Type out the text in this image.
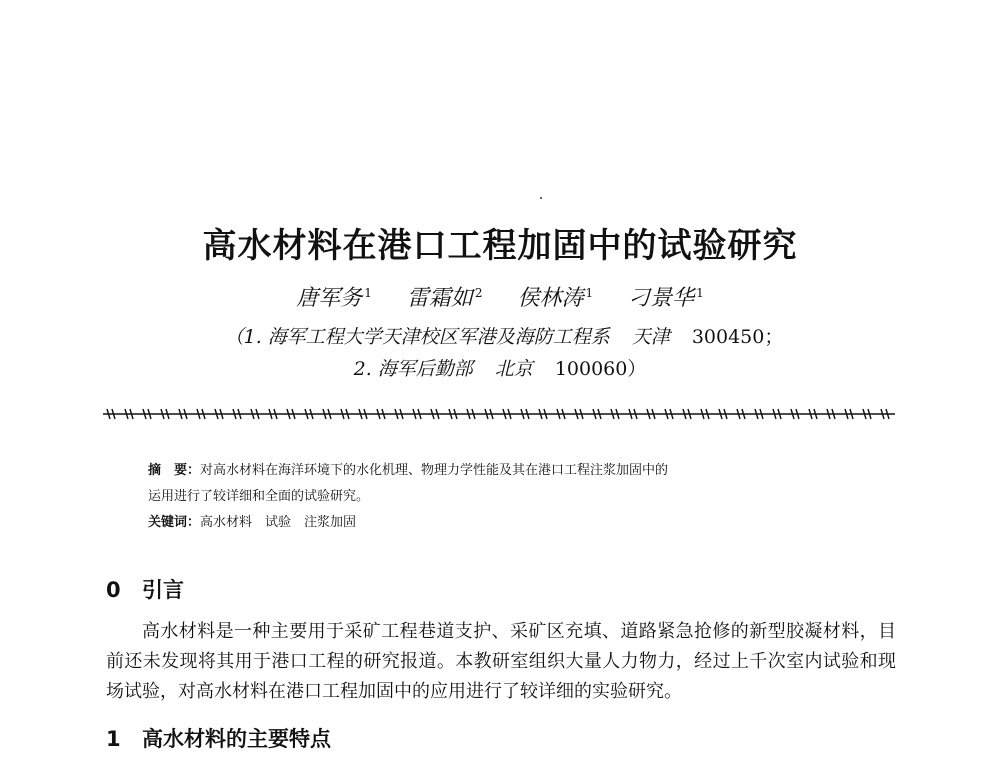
高水材料在港口工程加固中的试验研究
唐军务 $^1$ 雷霜如 $^2$ 侯林涛 $^1$ 刁景华 $^1$
（1. 海军工程大学天津校区军港及海防工程系 天津 300450；
2. 海军后勤部 北京 100060）
摘　要：对高水材料在海洋环境下的水化机理、物理力学性能及其在港口工程注浆加固中的
运用进行了较详细和全面的试验研究。
关键词：高水材料　试验　注浆加固
0 引言
高水材料是一种主要用于采矿工程巷道支护、采矿区充填、道路紧急抢修的新型胶凝材料，目前还未发现将其用于港口工程的研究报道。本教研室组织大量人力物力，经过上千次室内试验和现场试验，对高水材料在港口工程加固中的应用进行了较详细的实验研究。
1 高水材料的主要特点
